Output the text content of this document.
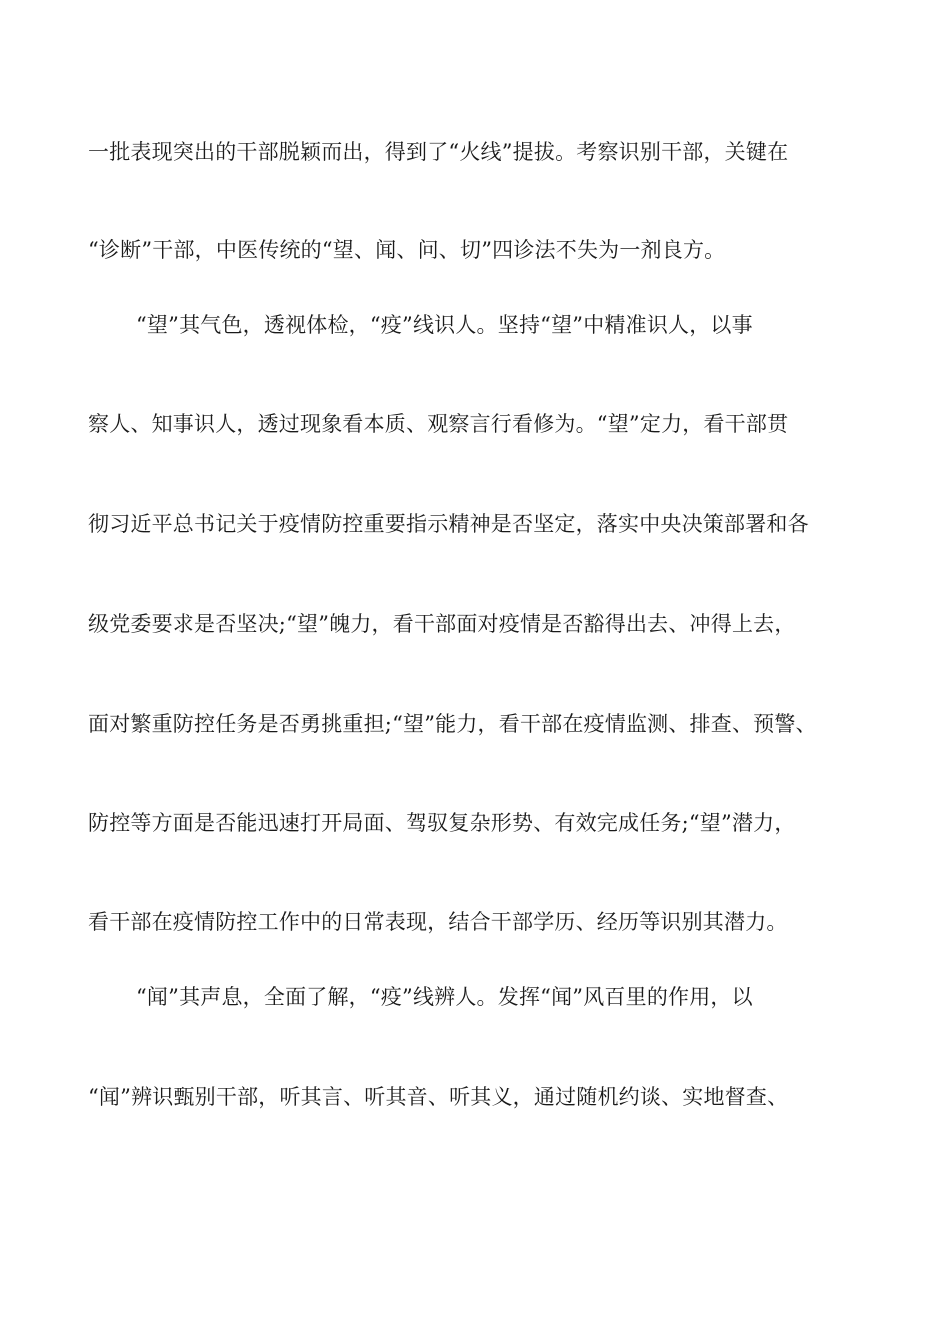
一批表现突出的干部脱颖而出，得到了“火线”提拔。考察识别干部，关键在
“诊断”干部，中医传统的“望、闻、问、切”四诊法不失为一剂良方。
“望”其气色，透视体检，“疫”线识人。坚持“望”中精准识人，以事
察人、知事识人，透过现象看本质、观察言行看修为。“望”定力，看干部贯
彻习近平总书记关于疫情防控重要指示精神是否坚定，落实中央决策部署和各
级党委要求是否坚决;“望”魄力，看干部面对疫情是否豁得出去、冲得上去，
面对繁重防控任务是否勇挑重担;“望”能力，看干部在疫情监测、排查、预警、
防控等方面是否能迅速打开局面、驾驭复杂形势、有效完成任务;“望”潜力，
看干部在疫情防控工作中的日常表现，结合干部学历、经历等识别其潜力。
“闻”其声息，全面了解，“疫”线辨人。发挥“闻”风百里的作用，以
“闻”辨识甄别干部，听其言、听其音、听其义，通过随机约谈、实地督查、
